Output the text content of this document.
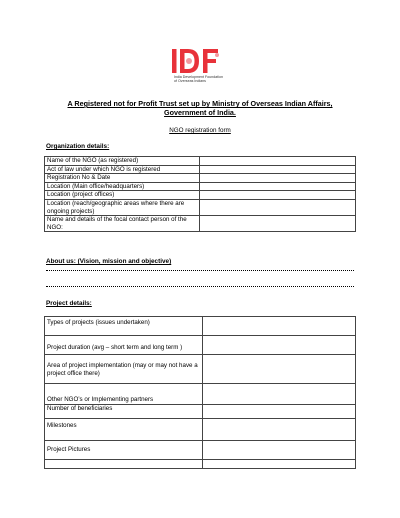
India Development Foundation
of Overseas Indians
A Registered not for Profit Trust set up by Ministry of Overseas Indian Affairs,
Government of India.
NGO registration form
Organization details:
Name of the NGO (as registered)	
Act of law under which NGO is registered	
Registration No & Date	
Location (Main office/headquarters)	
Location (project offices)	
Location (reach/geographic areas where there are ongoing projects)	
Name and details of the focal contact person of the NGO:	
About us: (Vision, mission and objective)
Project details:
Types of projects (issues undertaken)	
Project duration (avg – short term and long term )	
Area of project implementation (may or may not have a project office there)	
Other NGO’s or Implementing partners	
Number of beneficiaries	
Milestones	
Project Pictures	
